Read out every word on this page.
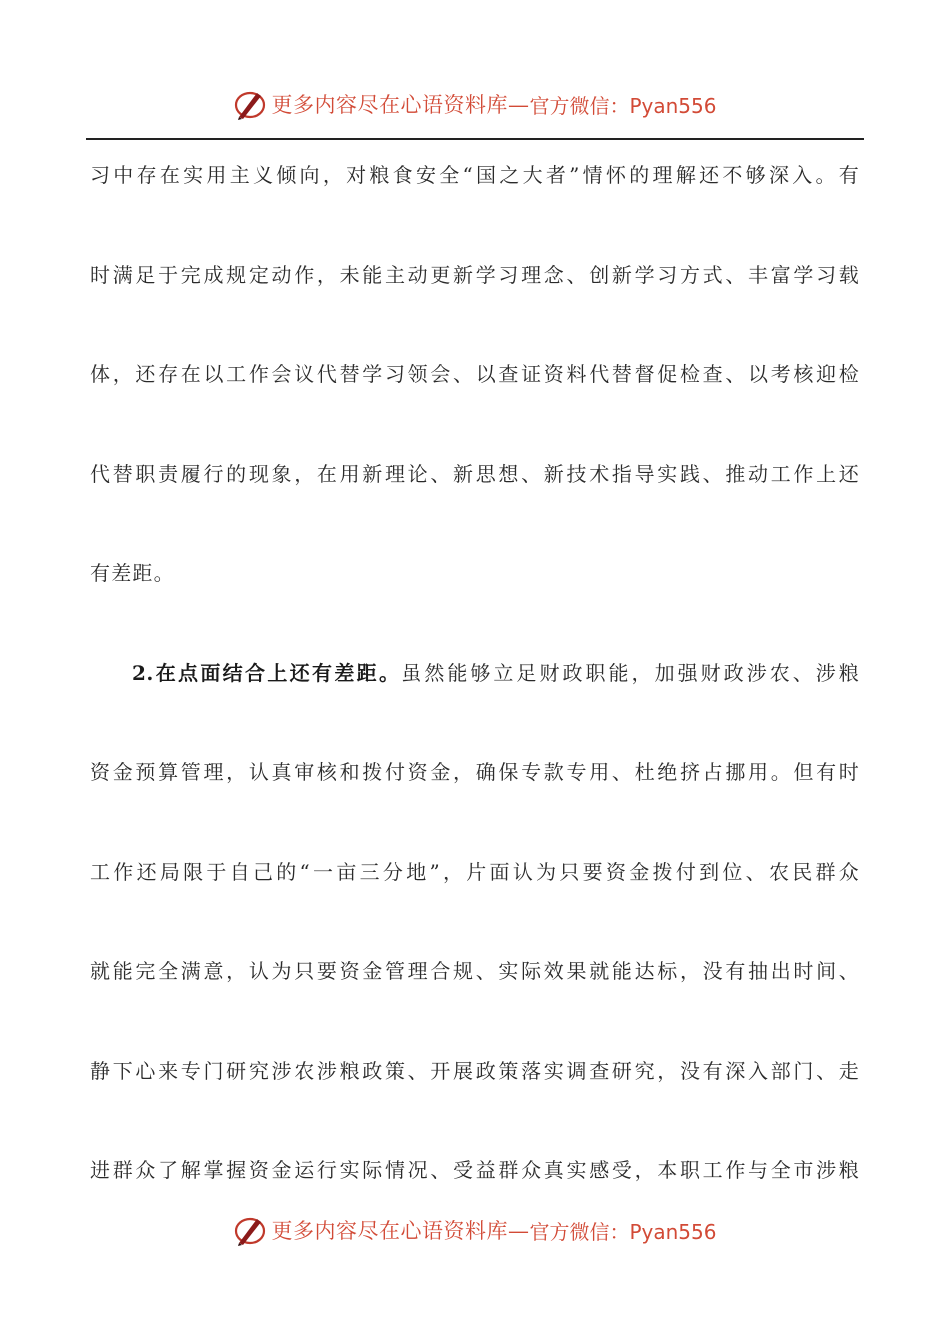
更多内容尽在心语资料库— 官方微信：Pyan556
习中存在实用主义倾向，对粮食安全“国之大者”情怀的理解还不够深入。有
时满足于完成规定动作，未能主动更新学习理念、创新学习方式、丰富学习载
体，还存在以工作会议代替学习领会、以查证资料代替督促检查、以考核迎检
代替职责履行的现象，在用新理论、新思想、新技术指导实践、推动工作上还
有差距。
2.在点面结合上还有差距。虽然能够立足财政职能，加强财政涉农、涉粮
资金预算管理，认真审核和拨付资金，确保专款专用、杜绝挤占挪用。但有时
工作还局限于自己的“一亩三分地”，片面认为只要资金拨付到位、农民群众
就能完全满意，认为只要资金管理合规、实际效果就能达标，没有抽出时间、
静下心来专门研究涉农涉粮政策、开展政策落实调查研究，没有深入部门、走
进群众了解掌握资金运行实际情况、受益群众真实感受，本职工作与全市涉粮
更多内容尽在心语资料库— 官方微信：Pyan556
